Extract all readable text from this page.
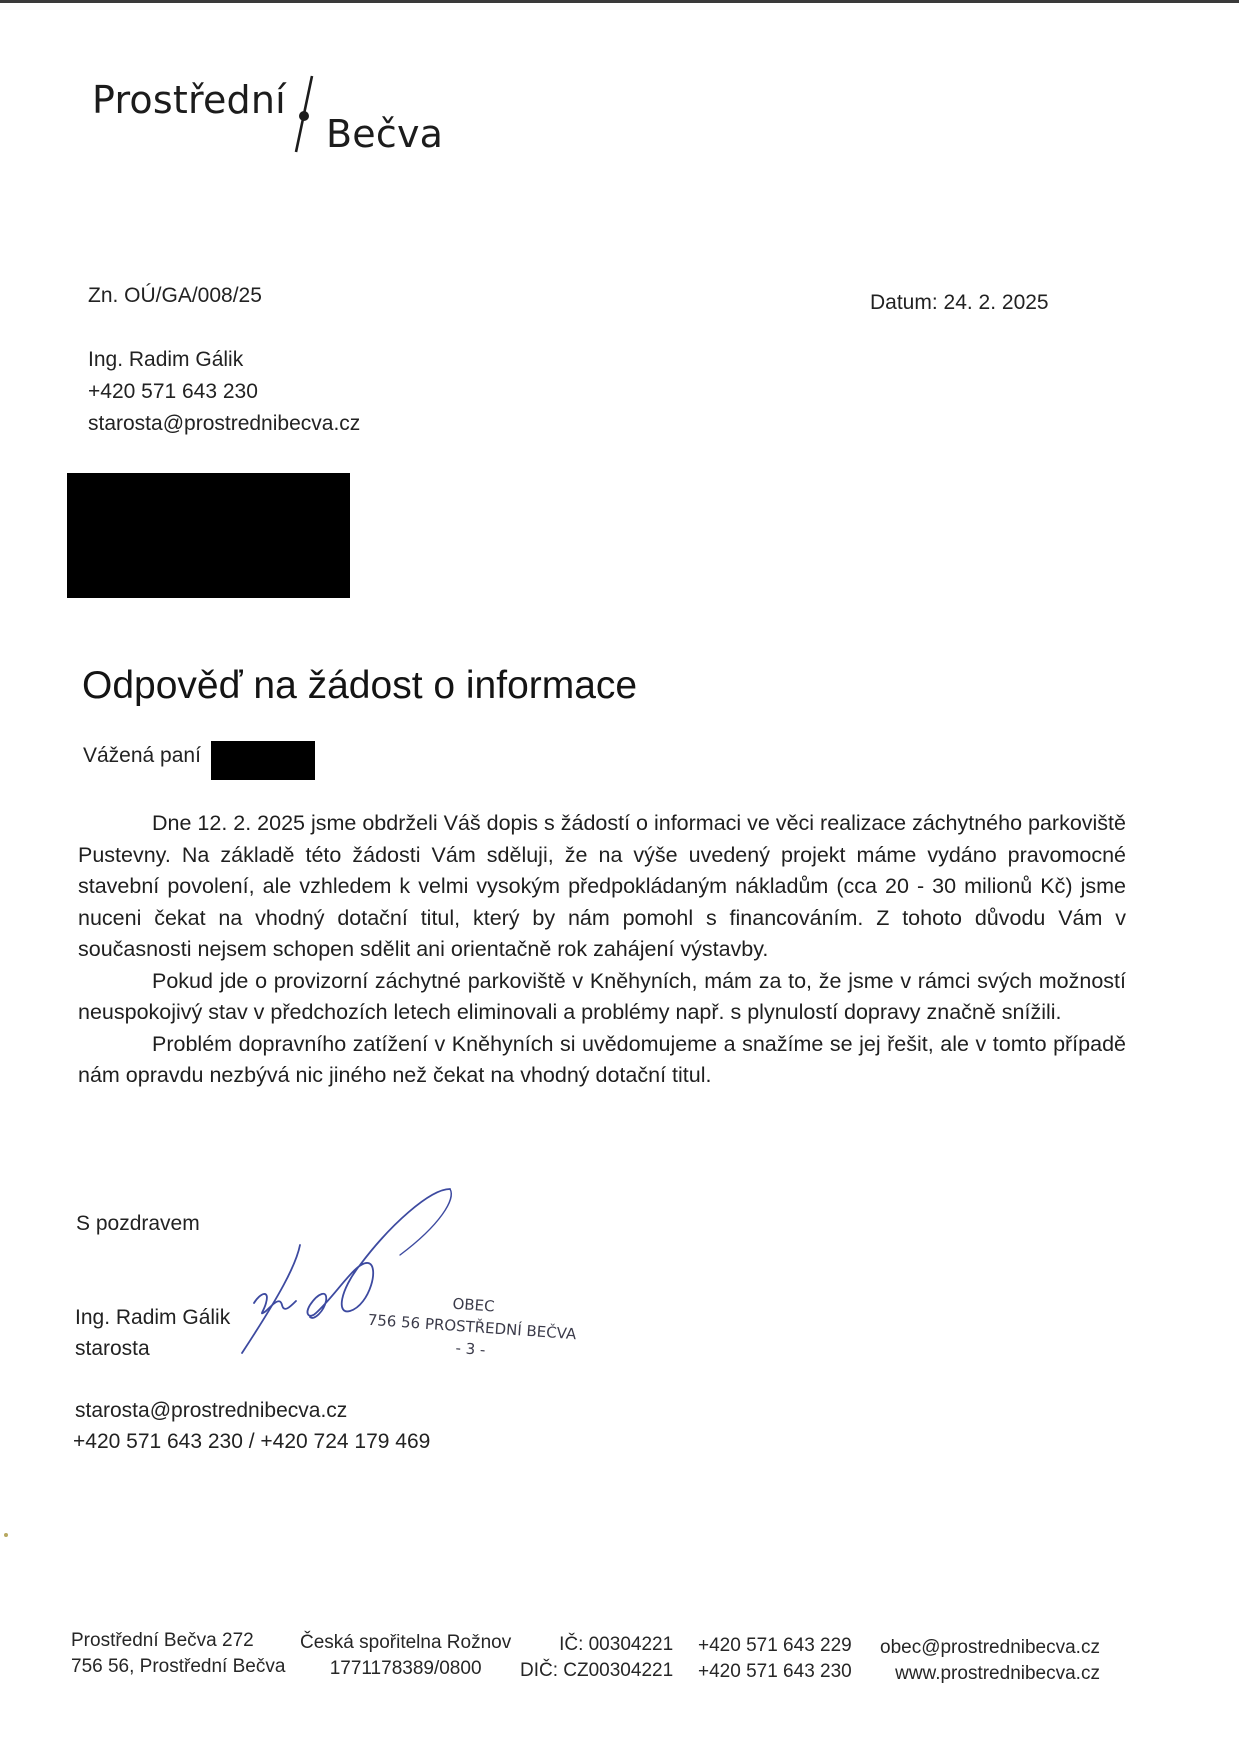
Prostřední
Bečva
Zn. OÚ/GA/008/25	Datum: 24. 2. 2025
Ing. Radim Gálik
+420 571 643 230
starosta@prostrednibecva.cz
Odpověď na žádost o informace
Vážená paní

Dne 12. 2. 2025 jsme obdrželi Váš dopis s žádostí o informaci ve věci realizace záchytného parkoviště Pustevny. Na základě této žádosti Vám sděluji, že na výše uvedený projekt máme vydáno pravomocné stavební povolení, ale vzhledem k velmi vysokým předpokládaným nákladům (cca 20 - 30 milionů Kč) jsme nuceni čekat na vhodný dotační titul, který by nám pomohl s financováním. Z tohoto důvodu Vám v současnosti nejsem schopen sdělit ani orientačně rok zahájení výstavby.

Pokud jde o provizorní záchytné parkoviště v Kněhyních, mám za to, že jsme v rámci svých možností neuspokojivý stav v předchozích letech eliminovali a problémy např. s plynulostí dopravy značně snížili.

Problém dopravního zatížení v Kněhyních si uvědomujeme a snažíme se jej řešit, ale v tomto případě nám opravdu nezbývá nic jiného než čekat na vhodný dotační titul.

S pozdravem
Ing. Radim Gálik
starosta
OBEC
756 56 PROSTŘEDNÍ BEČVA
- 3 -
starosta@prostrednibecva.cz
+420 571 643 230 / +420 724 179 469
Prostřední Bečva 272
756 56, Prostřední Bečva
Česká spořitelna Rožnov
1771178389/0800
IČ: 00304221
DIČ: CZ00304221
+420 571 643 229
+420 571 643 230
obec@prostrednibecva.cz
www.prostrednibecva.cz
